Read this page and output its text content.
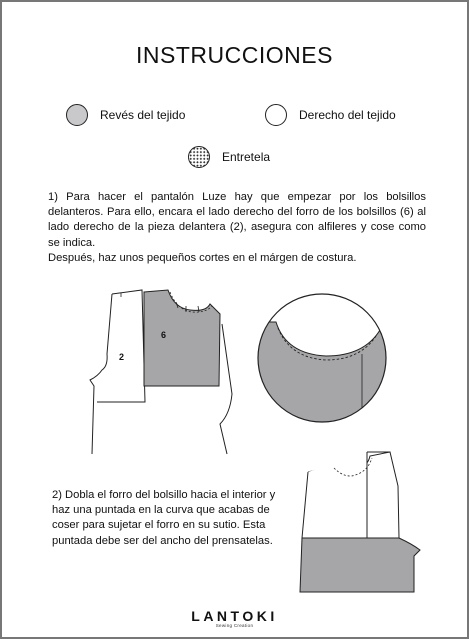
INSTRUCCIONES
Revés del tejido	Derecho del tejido
Entretela

1) Para hacer el pantalón Luze hay que empezar por los bolsillos delanteros. Para ello, encara el lado derecho del forro de los bolsillos (6) al lado derecho de la pieza delantera (2), asegura con alfileres y cose como se indica.

Después, haz unos pequeños cortes en el márgen de costura.

2
6
2) Dobla el forro del bolsillo hacia el interior y haz una puntada en la curva que acabas de coser para sujetar el forro en su sutio. Esta puntada debe ser del ancho del prensatelas.
LANTOKI
Sewing Creation
